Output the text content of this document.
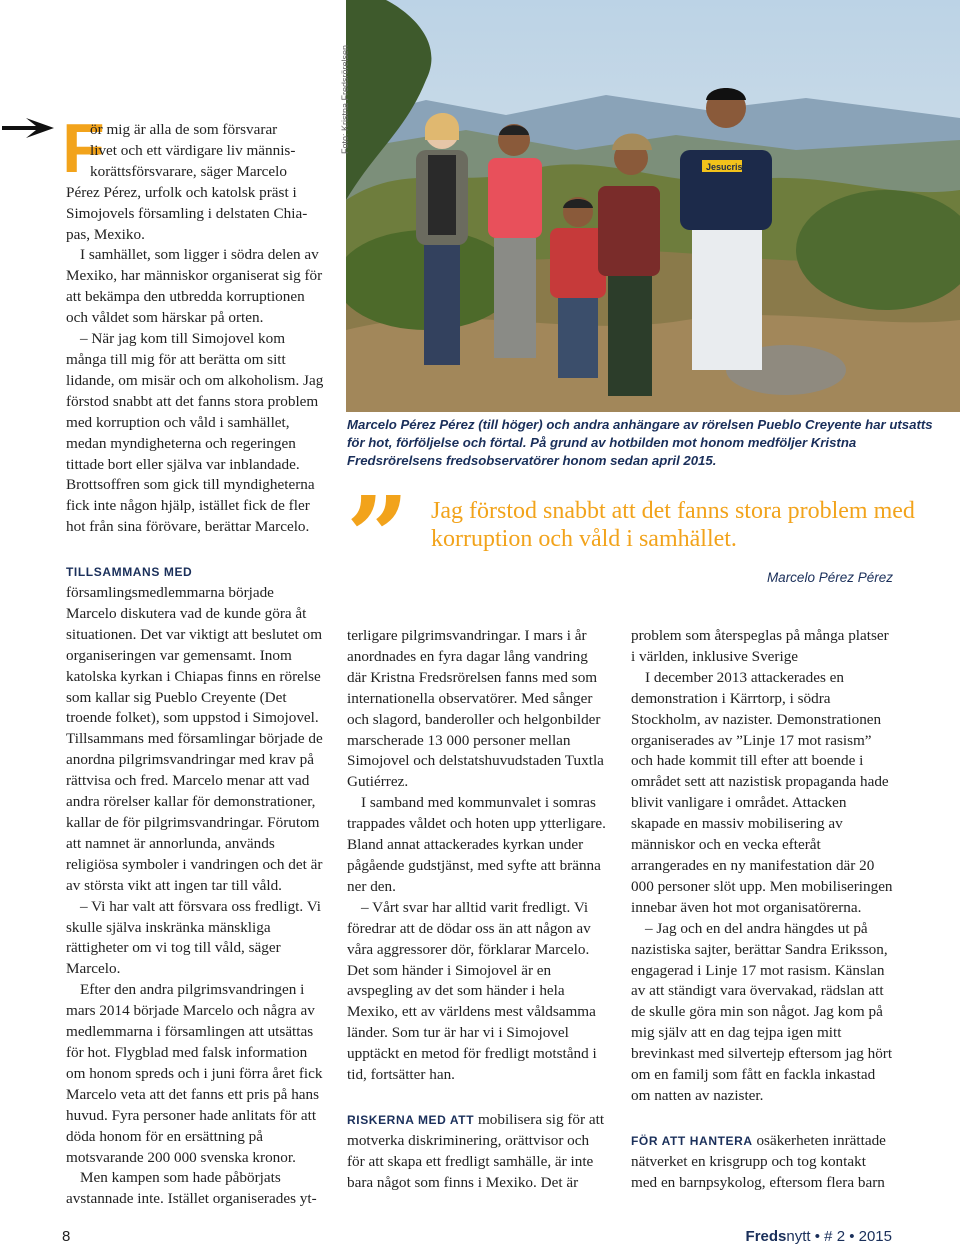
F
ör mig är alla de som försvarar
livet och ett värdigare liv männis-
korättsförsvarare, säger Marcelo
Pérez Pérez, urfolk och katolsk präst i
Simojovels församling i delstaten Chia-
pas, Mexiko.

I samhället, som ligger i södra delen av Mexiko, har människor organiserat sig för att bekämpa den utbredda korruptionen och våldet som härskar på orten.

– När jag kom till Simojovel kom många till mig för att berätta om sitt lidande, om misär och om alkoholism. Jag förstod snabbt att det fanns stora problem med korruption och våld i samhället, medan myndigheterna och regeringen tittade bort eller själva var inblandade. Brottsoffren som gick till myndigheterna fick inte någon hjälp, istället fick de fler hot från sina förövare, berättar Marcelo.

TILLSAMMANS MED församlingsmedlemmarna började Marcelo diskutera vad de kunde göra åt situationen. Det var viktigt att beslutet om organiseringen var gemensamt. Inom katolska kyrkan i Chiapas finns en rörelse som kallar sig Pueblo Creyente (Det troende folket), som uppstod i Simojovel. Tillsammans med församlingar började de anordna pilgrimsvandringar med krav på rättvisa och fred. Marcelo menar att vad andra rörelser kallar för demonstrationer, kallar de för pilgrimsvandringar. Förutom att namnet är annorlunda, används religiösa symboler i vandringen och det är av största vikt att ingen tar till våld.

– Vi har valt att försvara oss fredligt. Vi skulle själva inskränka mänskliga rättigheter om vi tog till våld, säger Marcelo.

Efter den andra pilgrimsvandringen i mars 2014 började Marcelo och några av medlemmarna i församlingen att utsättas för hot. Flygblad med falsk information om honom spreds och i juni förra året fick Marcelo veta att det fanns ett pris på hans huvud. Fyra personer hade anlitats för att döda honom för en ersättning på motsvarande 200 000 svenska kronor.

Men kampen som hade påbörjats avstannade inte. Istället organiserades yt-

Jesucristo
Foto: Kristna Fredsrörelsen
Marcelo Pérez Pérez (till höger) och andra anhängare av rörelsen Pueblo Creyente har utsatts för hot, förföljelse och förtal. På grund av hotbilden mot honom medföljer Kristna Fredsrörelsens fredsobservatörer honom sedan april 2015.
” Jag förstod snabbt att det fanns stora problem med korruption och våld i samhället.
Marcelo Pérez Pérez

terligare pilgrimsvandringar. I mars i år anordnades en fyra dagar lång vandring där Kristna Fredsrörelsen fanns med som internationella observatörer. Med sånger och slagord, banderoller och helgonbilder marscherade 13 000 personer mellan Simojovel och delstatshuvudstaden Tuxtla Gutiérrez.

I samband med kommunvalet i somras trappades våldet och hoten upp ytterligare. Bland annat attackerades kyrkan under pågående gudstjänst, med syfte att bränna ner den.

– Vårt svar har alltid varit fredligt. Vi föredrar att de dödar oss än att någon av våra aggressorer dör, förklarar Marcelo. Det som händer i Simojovel är en avspegling av det som händer i hela Mexiko, ett av världens mest våldsamma länder. Som tur är har vi i Simojovel upptäckt en metod för fredligt motstånd i tid, fortsätter han.

RISKERNA MED ATT mobilisera sig för att motverka diskriminering, orättvisor och för att skapa ett fredligt samhälle, är inte bara något som finns i Mexiko. Det är

problem som återspeglas på många platser i världen, inklusive Sverige

I december 2013 attackerades en demonstration i Kärrtorp, i södra Stockholm, av nazister. Demonstrationen organiserades av ”Linje 17 mot rasism” och hade kommit till efter att boende i området sett att nazistisk propaganda hade blivit vanligare i området. Attacken skapade en massiv mobilisering av människor och en vecka efteråt arrangerades en ny manifestation där 20 000 personer slöt upp. Men mobiliseringen innebar även hot mot organisatörerna.

– Jag och en del andra hängdes ut på nazistiska sajter, berättar Sandra Eriksson, engagerad i Linje 17 mot rasism. Känslan av att ständigt vara övervakad, rädslan att de skulle göra min son något. Jag kom på mig själv att en dag tejpa igen mitt brevinkast med silvertejp eftersom jag hört om en familj som fått en fackla inkastad om natten av nazister.

FÖR ATT HANTERA osäkerheten inrättade nätverket en krisgrupp och tog kontakt med en barnpsykolog, eftersom flera barn

8	Fredsnytt • # 2 • 2015
